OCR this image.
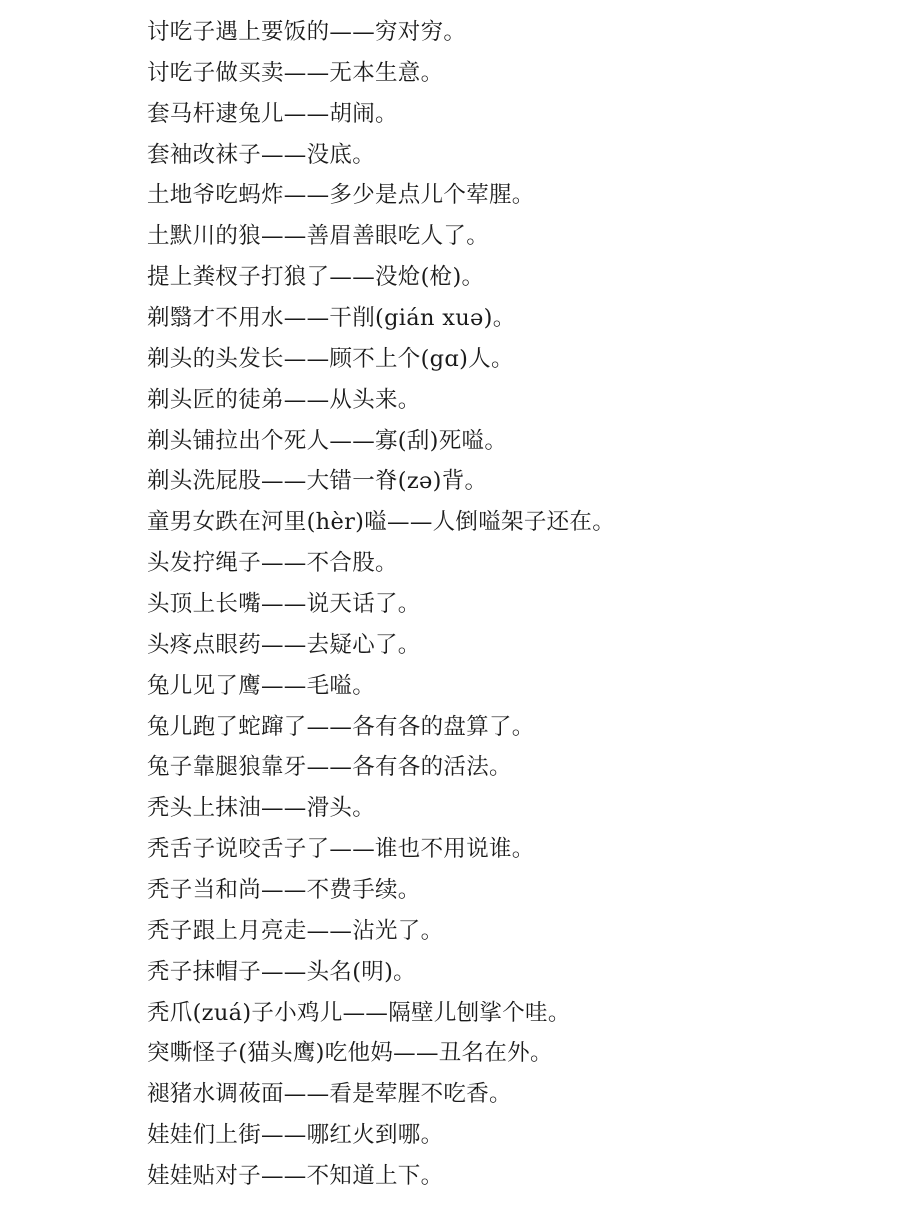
讨吃子遇上要饭的——穷对穷。
讨吃子做买卖——无本生意。
套马杆逮兔儿——胡闹。
套袖改袜子——没底。
土地爷吃蚂炸——多少是点儿个荤腥。
土默川的狼——善眉善眼吃人了。
提上粪杈子打狼了——没炝(枪)。
剃翳才不用水——干削(gián xuə)。
剃头的头发长——顾不上个(gɑ)人。
剃头匠的徒弟——从头来。
剃头铺拉出个死人——寡(刮)死嗌。
剃头洗屁股——大错一脊(zə)背。
童男女跌在河里(hèr)嗌——人倒嗌架子还在。
头发拧绳子——不合股。
头顶上长嘴——说天话了。
头疼点眼药——去疑心了。
兔儿见了鹰——毛嗌。
兔儿跑了蛇蹿了——各有各的盘算了。
兔子靠腿狼靠牙——各有各的活法。
秃头上抹油——滑头。
秃舌子说咬舌子了——谁也不用说谁。
秃子当和尚——不费手续。
秃子跟上月亮走——沾光了。
秃子抹帽子——头名(明)。
秃爪(zuá)子小鸡儿——隔壁儿刨挲个哇。
突嘶怪子(猫头鹰)吃他妈——丑名在外。
褪猪水调莜面——看是荤腥不吃香。
娃娃们上街——哪红火到哪。
娃娃贴对子——不知道上下。
